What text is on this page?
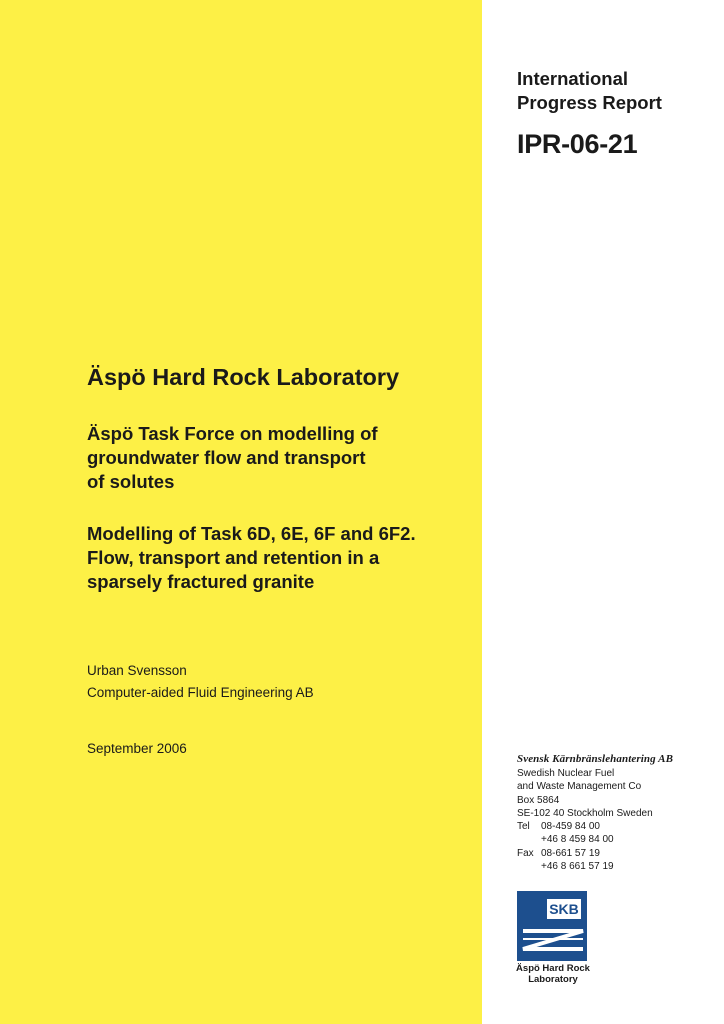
International
Progress Report
IPR-06-21
Äspö Hard Rock Laboratory
Äspö Task Force on modelling of
groundwater flow and transport
of solutes
Modelling of Task 6D, 6E, 6F and 6F2.
Flow, transport and retention in a
sparsely fractured granite
Urban Svensson
Computer-aided Fluid Engineering AB
September 2006
Svensk Kärnbränslehantering AB
Swedish Nuclear Fuel
and Waste Management Co
Box 5864
SE-102 40 Stockholm Sweden
Tel	08-459 84 00
+46 8 459 84 00
Fax 08-661 57 19
+46 8 661 57 19
SKB
Äspö Hard Rock
Laboratory
